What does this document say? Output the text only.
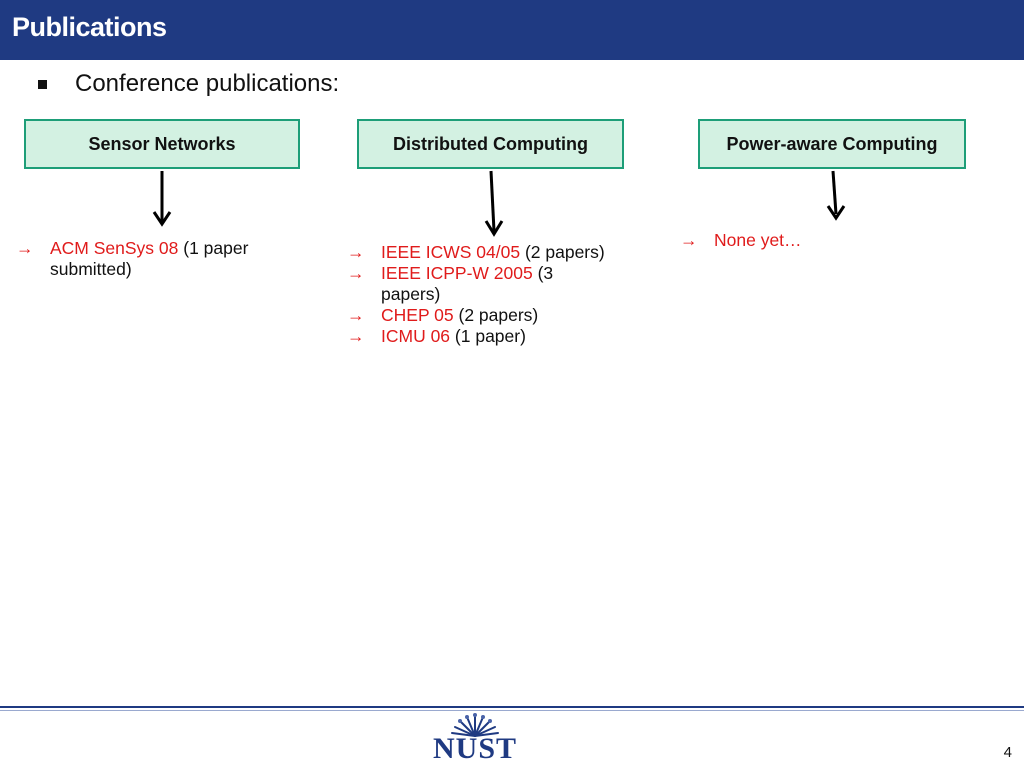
Publications
Conference publications:
Sensor Networks	Distributed Computing	Power-aware Computing
→ ACM SenSys 08 (1 paper submitted)
→ IEEE ICWS 04/05 (2 papers)
→ IEEE ICPP-W 2005 (3 papers)
→ CHEP 05 (2 papers)
→ ICMU 06 (1 paper)
→ None yet…
NUST	4
